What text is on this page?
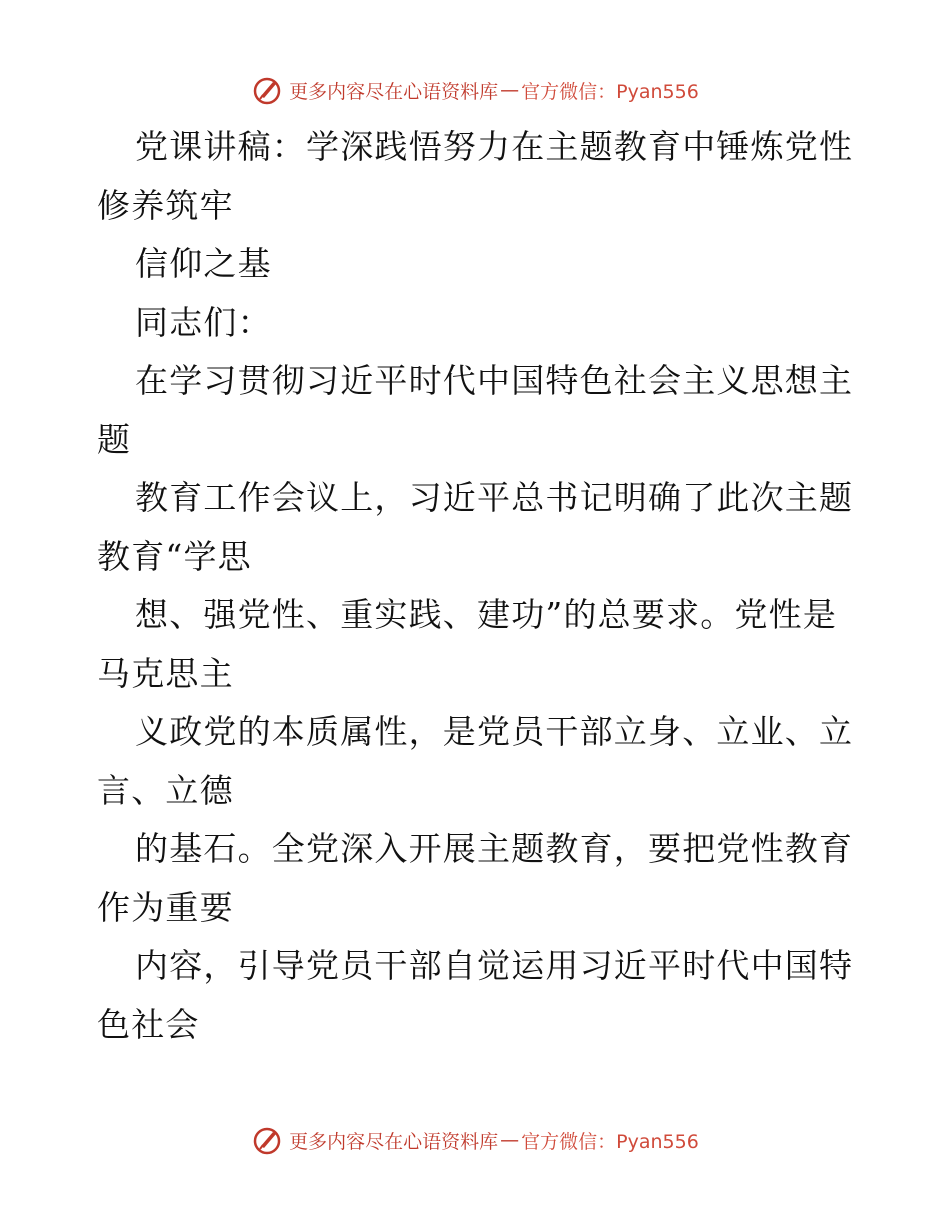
更多内容尽在心语资料库 — 官方微信：Pyan556
党课讲稿：学深践悟努力在主题教育中锤炼党性
修养筑牢
信仰之基
同志们：
在学习贯彻习近平时代中国特色社会主义思想主
题
教育工作会议上，习近平总书记明确了此次主题
教育“学思
想、强党性、重实践、建功”的总要求。党性是
马克思主
义政党的本质属性，是党员干部立身、立业、立
言、立德
的基石。全党深入开展主题教育，要把党性教育
作为重要
内容，引导党员干部自觉运用习近平时代中国特
色社会
更多内容尽在心语资料库 — 官方微信：Pyan556
